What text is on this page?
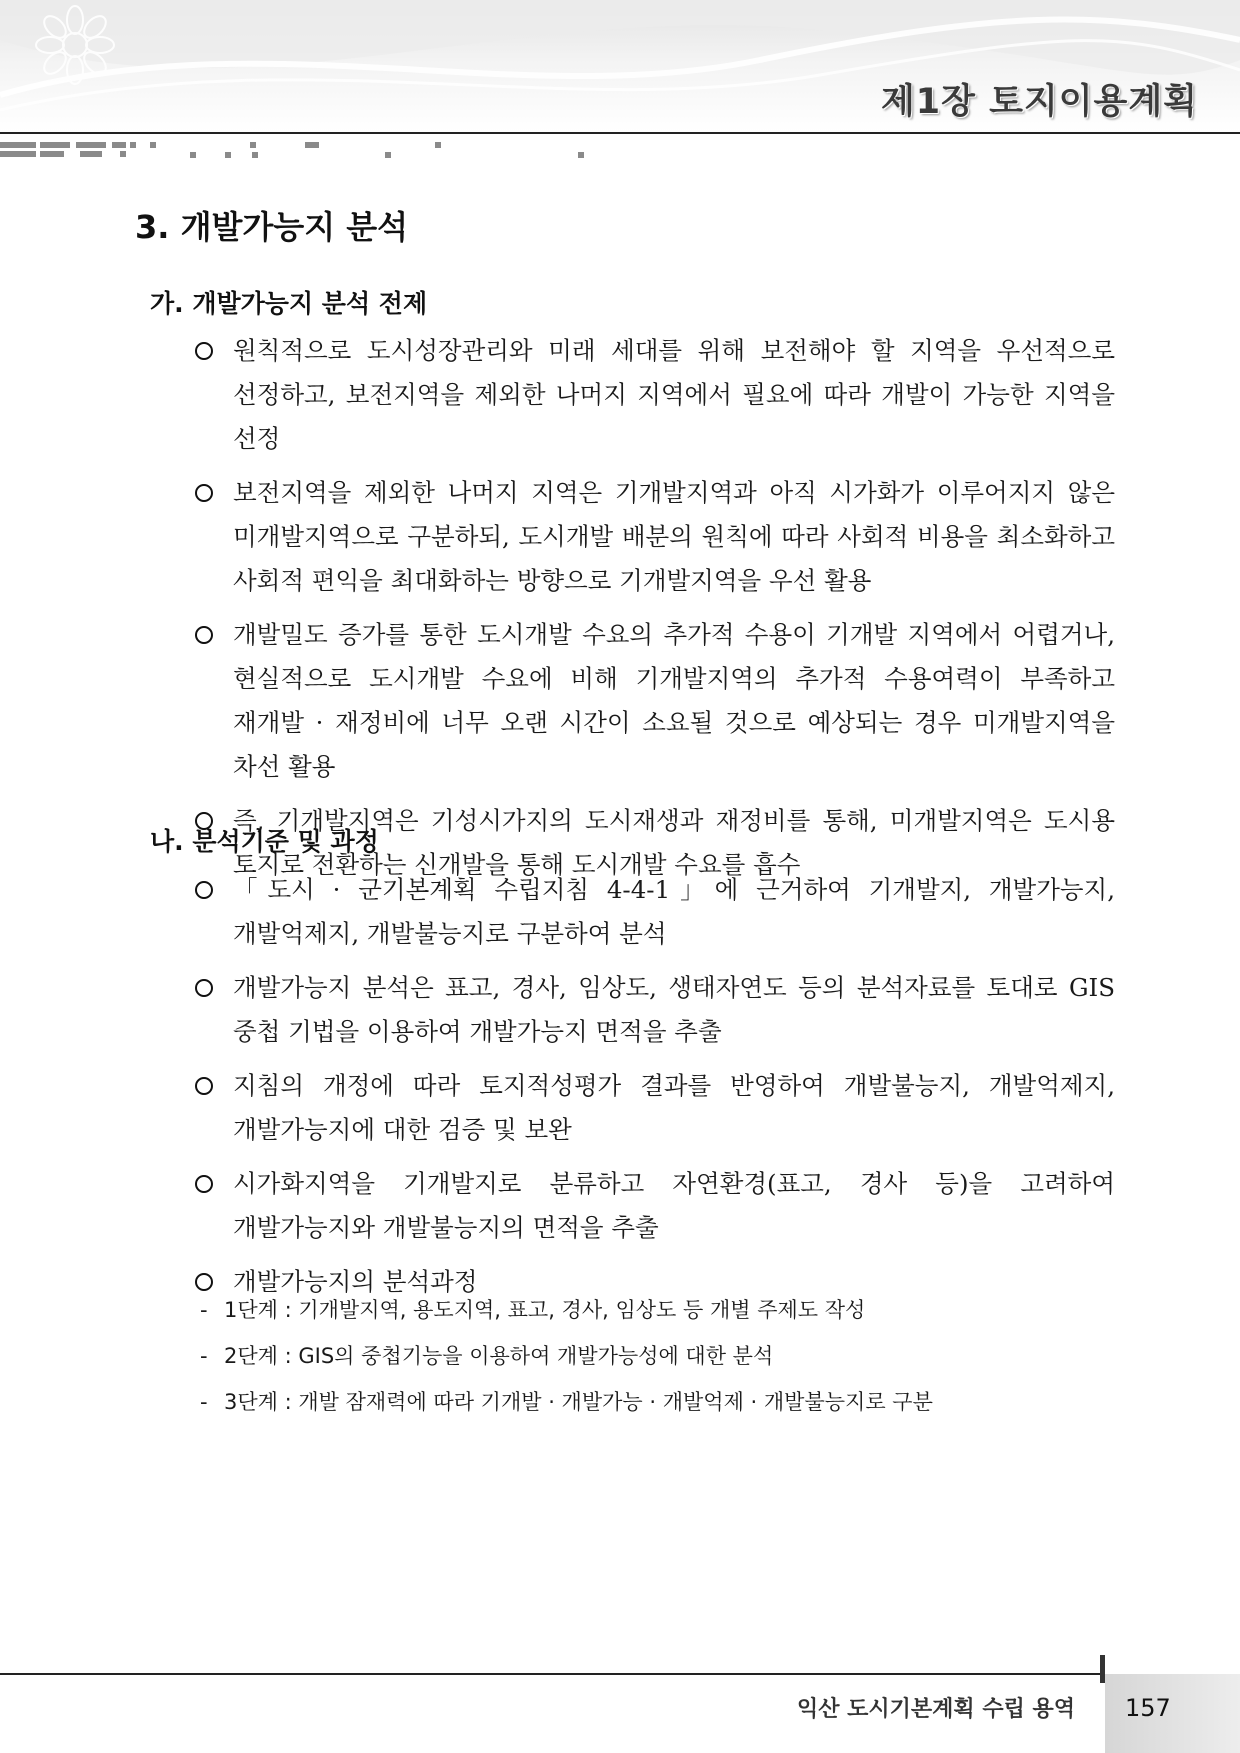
제1장 토지이용계획
3. 개발가능지 분석
가. 개발가능지 분석 전제
원칙적으로 도시성장관리와 미래 세대를 위해 보전해야 할 지역을 우선적으로 선정하고, 보전지역을 제외한 나머지 지역에서 필요에 따라 개발이 가능한 지역을 선정
보전지역을 제외한 나머지 지역은 기개발지역과 아직 시가화가 이루어지지 않은 미개발지역으로 구분하되, 도시개발 배분의 원칙에 따라 사회적 비용을 최소화하고 사회적 편익을 최대화하는 방향으로 기개발지역을 우선 활용
개발밀도 증가를 통한 도시개발 수요의 추가적 수용이 기개발 지역에서 어렵거나, 현실적으로 도시개발 수요에 비해 기개발지역의 추가적 수용여력이 부족하고 재개발 · 재정비에 너무 오랜 시간이 소요될 것으로 예상되는 경우 미개발지역을 차선 활용
즉, 기개발지역은 기성시가지의 도시재생과 재정비를 통해, 미개발지역은 도시용 토지로 전환하는 신개발을 통해 도시개발 수요를 흡수
나. 분석기준 및 과정
「도시 · 군기본계획 수립지침 4-4-1」에 근거하여 기개발지, 개발가능지, 개발억제지, 개발불능지로 구분하여 분석
개발가능지 분석은 표고, 경사, 임상도, 생태자연도 등의 분석자료를 토대로 GIS 중첩 기법을 이용하여 개발가능지 면적을 추출
지침의 개정에 따라 토지적성평가 결과를 반영하여 개발불능지, 개발억제지, 개발가능지에 대한 검증 및 보완
시가화지역을 기개발지로 분류하고 자연환경(표고, 경사 등)을 고려하여 개발가능지와 개발불능지의 면적을 추출
개발가능지의 분석과정
- 1단계 : 기개발지역, 용도지역, 표고, 경사, 임상도 등 개별 주제도 작성
- 2단계 : GIS의 중첩기능을 이용하여 개발가능성에 대한 분석
- 3단계 : 개발 잠재력에 따라 기개발 · 개발가능 · 개발억제 · 개발불능지로 구분
익산 도시기본계획 수립 용역 157
